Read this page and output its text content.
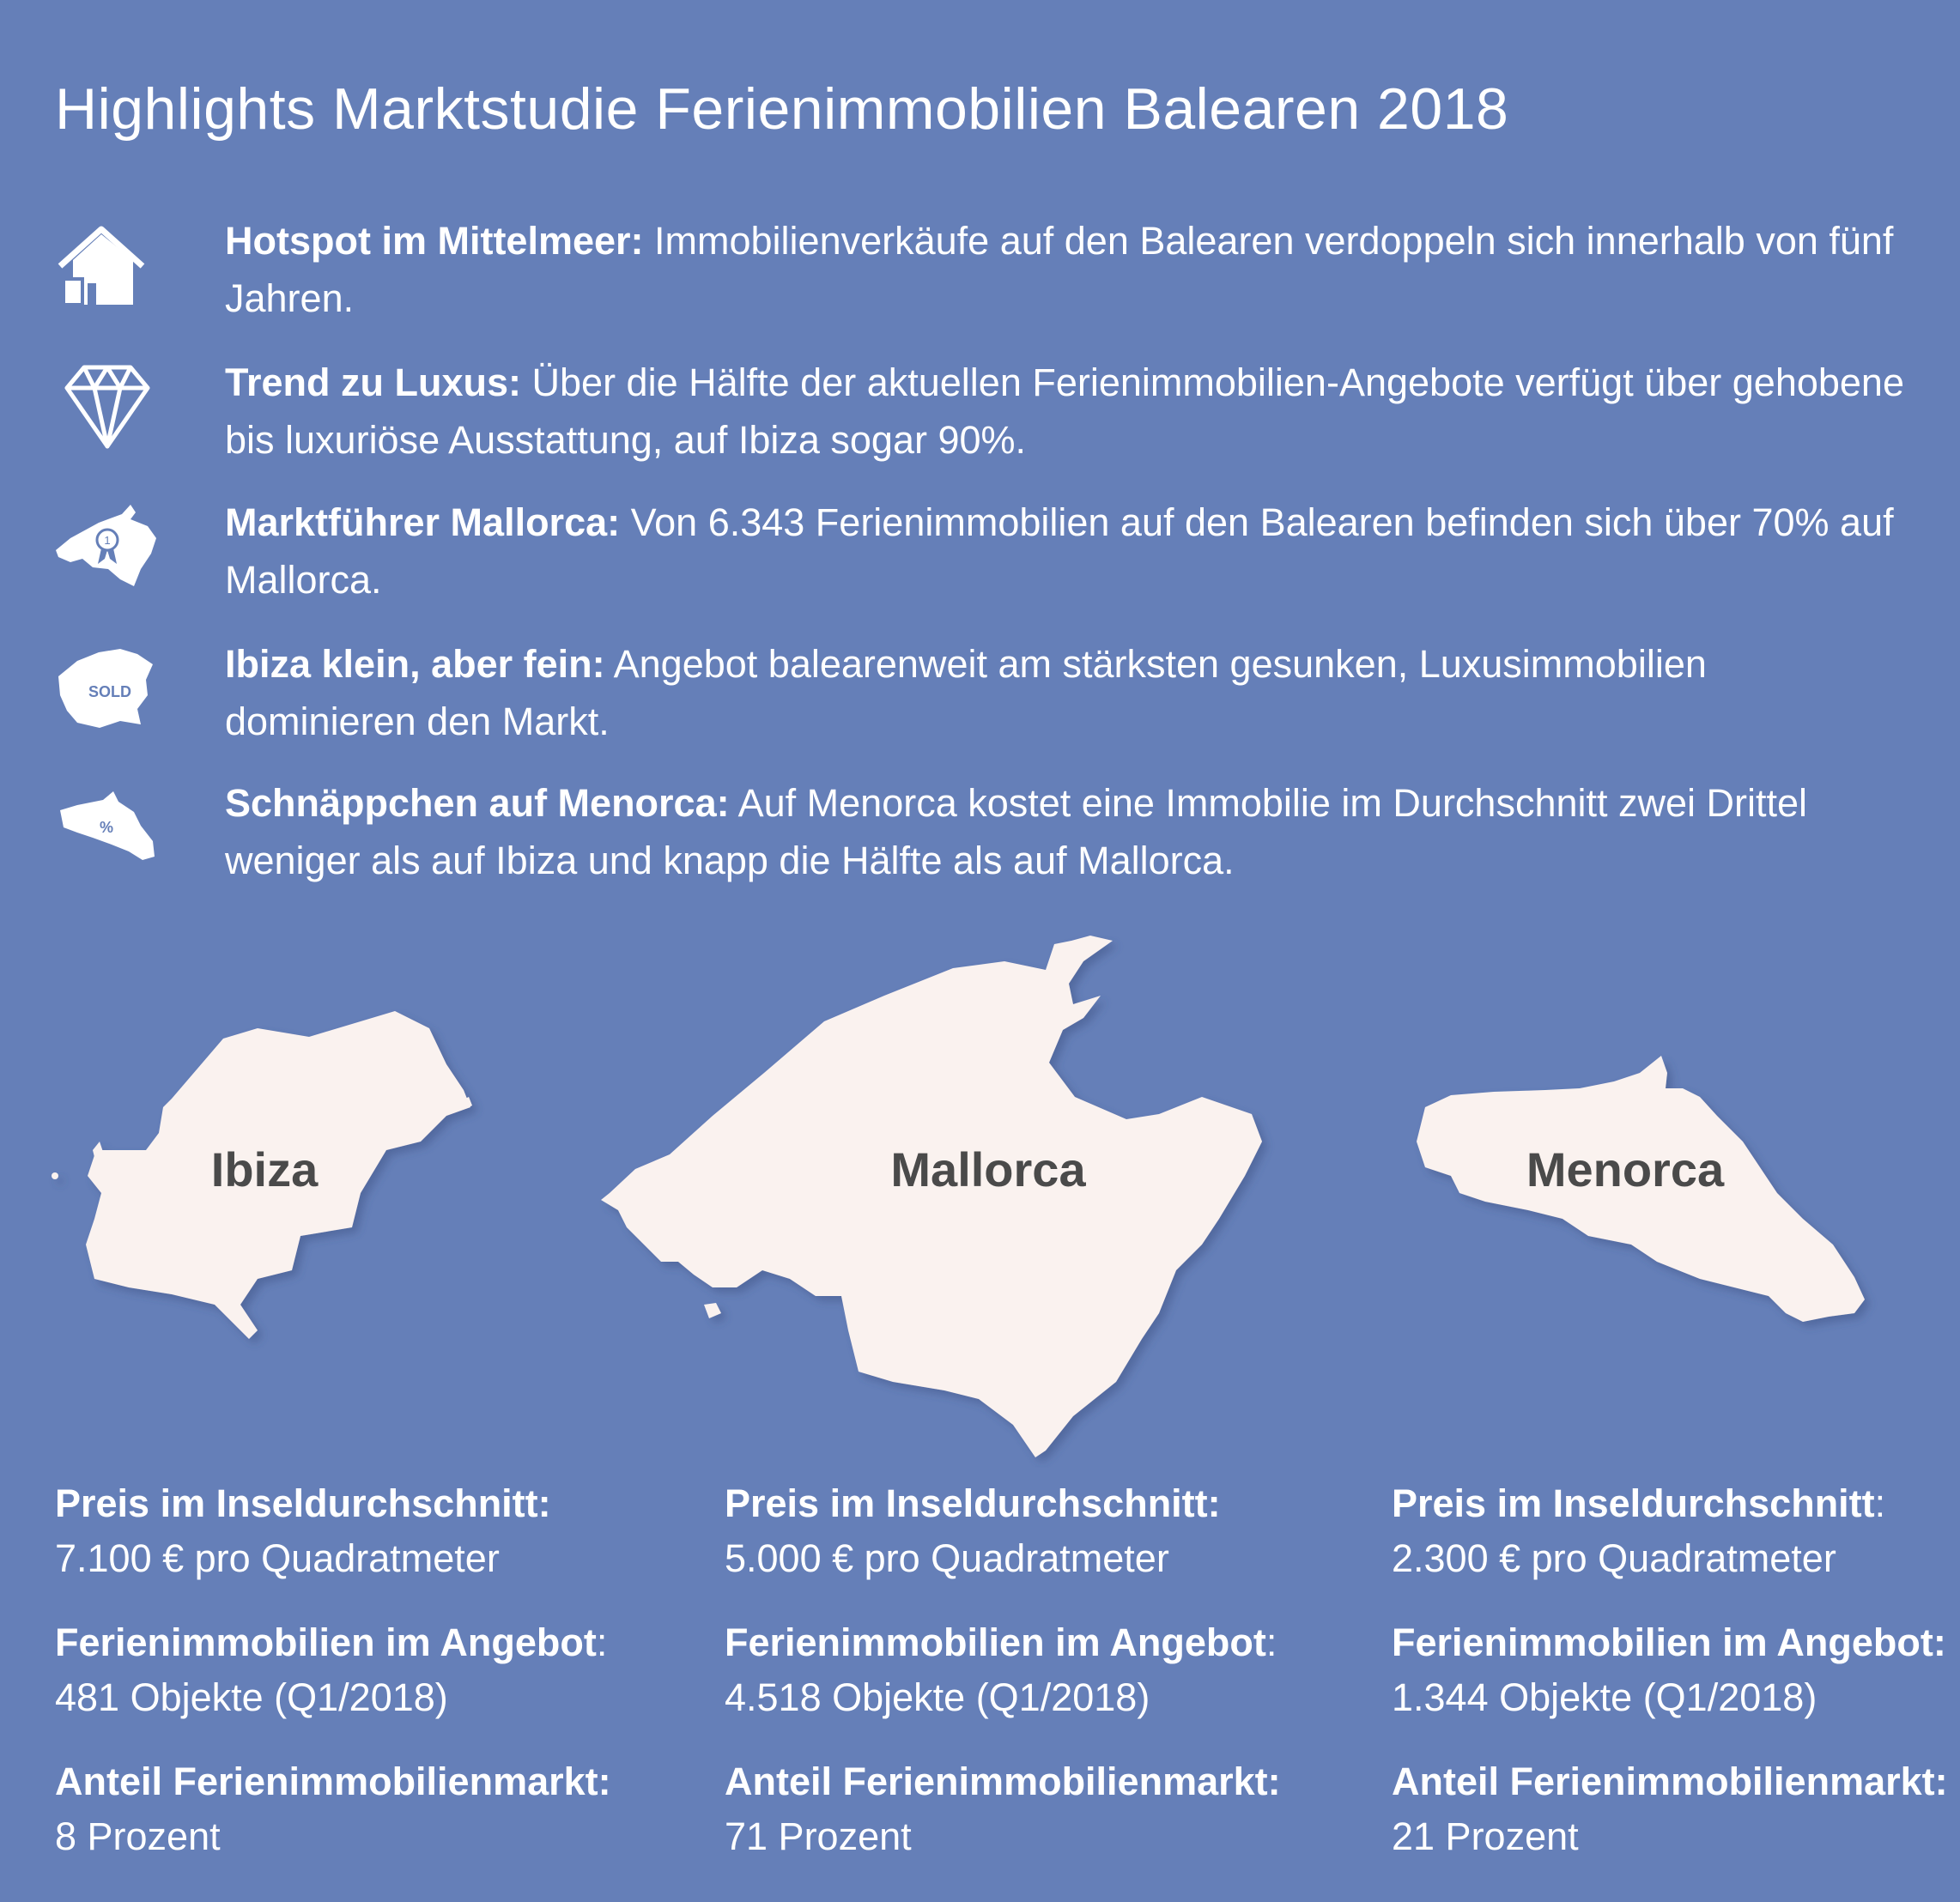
Highlights Marktstudie Ferienimmobilien Balearen 2018
Hotspot im Mittelmeer: Immobilienverkäufe auf den Balearen verdoppeln sich innerhalb von fünf Jahren.
Trend zu Luxus: Über die Hälfte der aktuellen Ferienimmobilien-Angebote verfügt über gehobene bis luxuriöse Ausstattung, auf Ibiza sogar 90%.
1	Marktführer Mallorca: Von 6.343 Ferienimmobilien auf den Balearen befinden sich über 70% auf Mallorca.
SOLD
Ibiza klein, aber fein: Angebot balearenweit am stärksten gesunken, Luxusimmobilien dominieren den Markt.
%
Schnäppchen auf Menorca: Auf Menorca kostet eine Immobilie im Durchschnitt zwei Drittel weniger als auf Ibiza und knapp die Hälfte als auf Mallorca.
Ibiza	Mallorca	Menorca
Preis im Inseldurchschnitt:
7.100 € pro Quadratmeter
Ferienimmobilien im Angebot:
481 Objekte (Q1/2018)
Anteil Ferienimmobilienmarkt:
8 Prozent
Preis im Inseldurchschnitt:
5.000 € pro Quadratmeter
Ferienimmobilien im Angebot:
4.518 Objekte (Q1/2018)
Anteil Ferienimmobilienmarkt:
71 Prozent
Preis im Inseldurchschnitt:
2.300 € pro Quadratmeter
Ferienimmobilien im Angebot:
1.344 Objekte (Q1/2018)
Anteil Ferienimmobilienmarkt:
21 Prozent
